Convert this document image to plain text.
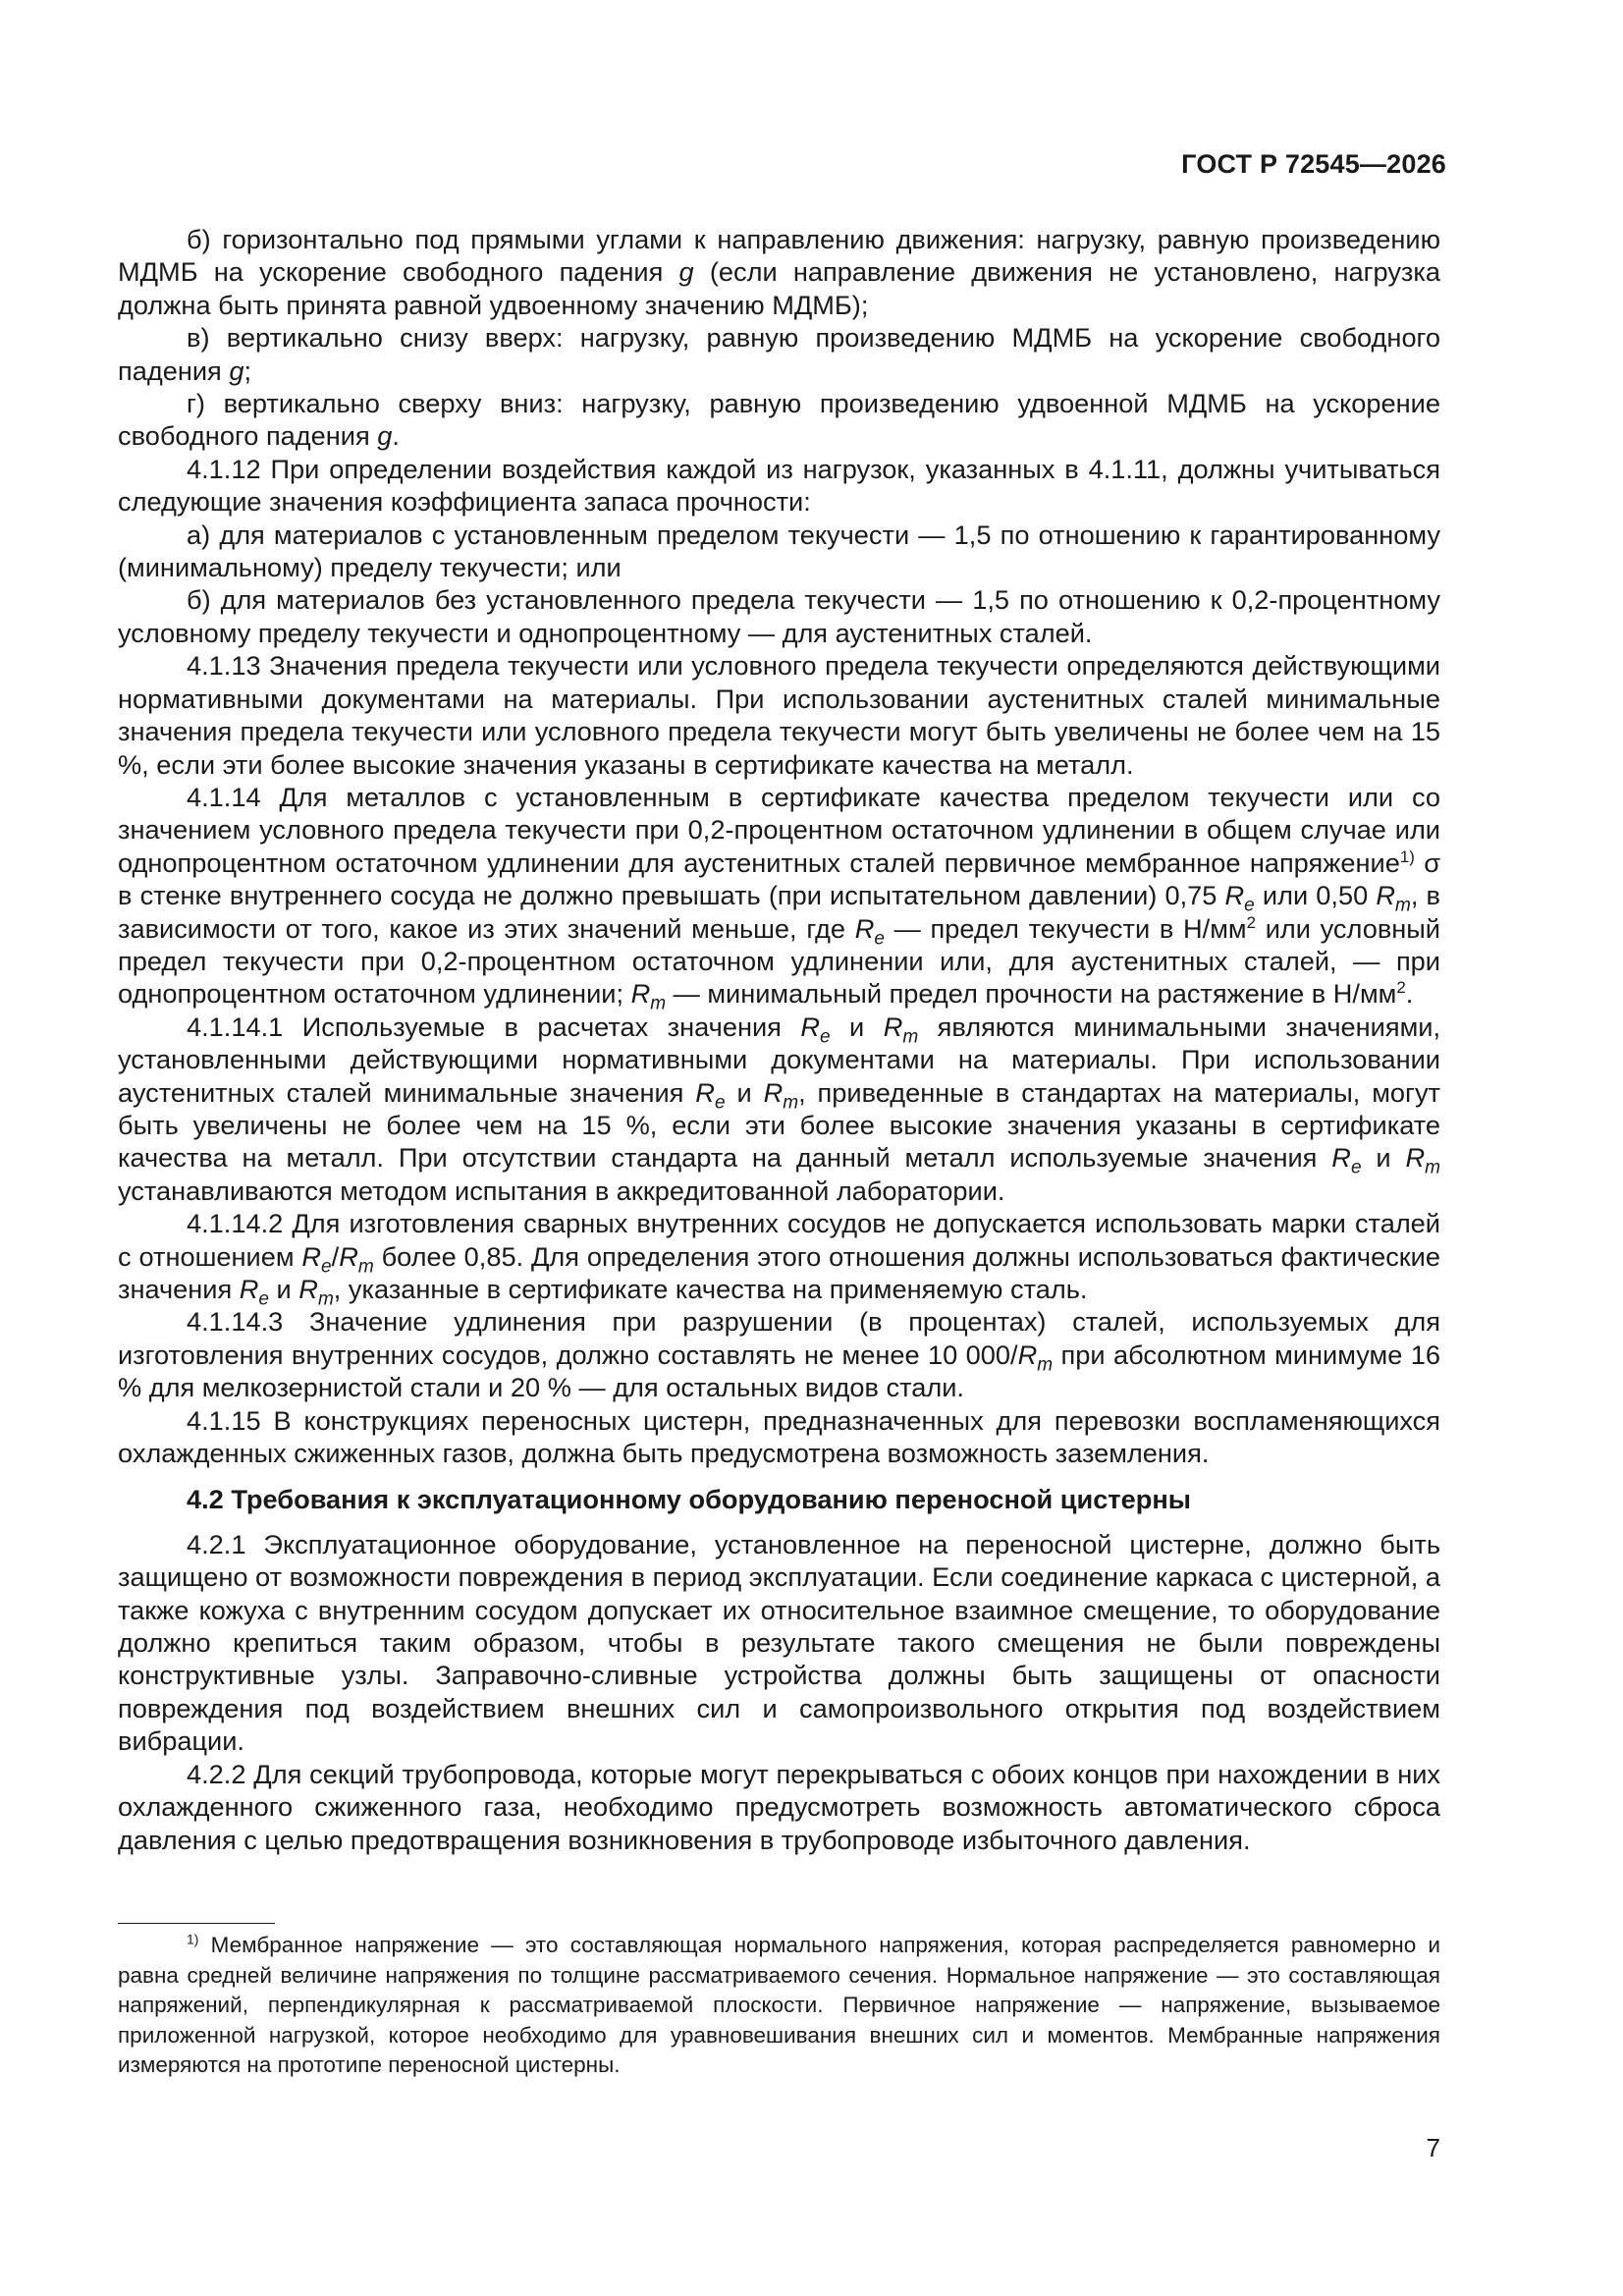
ГОСТ Р 72545—2026

б) горизонтально под прямыми углами к направлению движения: нагрузку, равную произведению МДМБ на ускорение свободного падения g (если направление движения не установлено, нагрузка должна быть принята равной удвоенному значению МДМБ);

в) вертикально снизу вверх: нагрузку, равную произведению МДМБ на ускорение свободного падения g;

г) вертикально сверху вниз: нагрузку, равную произведению удвоенной МДМБ на ускорение свободного падения g.

4.1.12 При определении воздействия каждой из нагрузок, указанных в 4.1.11, должны учитываться следующие значения коэффициента запаса прочности:

а) для материалов с установленным пределом текучести — 1,5 по отношению к гарантированному (минимальному) пределу текучести; или

б) для материалов без установленного предела текучести — 1,5 по отношению к 0,2-процентному условному пределу текучести и однопроцентному — для аустенитных сталей.

4.1.13 Значения предела текучести или условного предела текучести определяются действующими нормативными документами на материалы. При использовании аустенитных сталей минимальные значения предела текучести или условного предела текучести могут быть увеличены не более чем на 15 %, если эти более высокие значения указаны в сертификате качества на металл.

4.1.14 Для металлов с установленным в сертификате качества пределом текучести или со значением условного предела текучести при 0,2-процентном остаточном удлинении в общем случае или однопроцентном остаточном удлинении для аустенитных сталей первичное мембранное напряжение$^{1)}$ σ в стенке внутреннего сосуда не должно превышать (при испытательном давлении) 0,75 $R_e$ или 0,50 $R_m$, в зависимости от того, какое из этих значений меньше, где $R_e$ — предел текучести в $Н/мм^2$ или условный предел текучести при 0,2-процентном остаточном удлинении или, для аустенитных сталей, — при однопроцентном остаточном удлинении; $R_m$ — минимальный предел прочности на растяжение в $Н/мм^2$.

4.1.14.1 Используемые в расчетах значения $R_e$ и $R_m$ являются минимальными значениями, установленными действующими нормативными документами на материалы. При использовании аустенитных сталей минимальные значения $R_e$ и $R_m$, приведенные в стандартах на материалы, могут быть увеличены не более чем на 15 %, если эти более высокие значения указаны в сертификате качества на металл. При отсутствии стандарта на данный металл используемые значения $R_e$ и $R_m$ устанавливаются методом испытания в аккредитованной лаборатории.

4.1.14.2 Для изготовления сварных внутренних сосудов не допускается использовать марки сталей с отношением $R_e/R_m$ более 0,85. Для определения этого отношения должны использоваться фактические значения $R_e$ и $R_m$, указанные в сертификате качества на применяемую сталь.

4.1.14.3 Значение удлинения при разрушении (в процентах) сталей, используемых для изготовления внутренних сосудов, должно составлять не менее 10 $000/R_m$ при абсолютном минимуме 16 % для мелкозернистой стали и 20 % — для остальных видов стали.

4.1.15 В конструкциях переносных цистерн, предназначенных для перевозки воспламеняющихся охлажденных сжиженных газов, должна быть предусмотрена возможность заземления.

4.2 Требования к эксплуатационному оборудованию переносной цистерны

4.2.1 Эксплуатационное оборудование, установленное на переносной цистерне, должно быть защищено от возможности повреждения в период эксплуатации. Если соединение каркаса с цистерной, а также кожуха с внутренним сосудом допускает их относительное взаимное смещение, то оборудование должно крепиться таким образом, чтобы в результате такого смещения не были повреждены конструктивные узлы. Заправочно-сливные устройства должны быть защищены от опасности повреждения под воздействием внешних сил и самопроизвольного открытия под воздействием вибрации.

4.2.2 Для секций трубопровода, которые могут перекрываться с обоих концов при нахождении в них охлажденного сжиженного газа, необходимо предусмотреть возможность автоматического сброса давления с целью предотвращения возникновения в трубопроводе избыточного давления.

$^{1)}$ Мембранное напряжение — это составляющая нормального напряжения, которая распределяется равномерно и равна средней величине напряжения по толщине рассматриваемого сечения. Нормальное напряжение — это составляющая напряжений, перпендикулярная к рассматриваемой плоскости. Первичное напряжение — напряжение, вызываемое приложенной нагрузкой, которое необходимо для уравновешивания внешних сил и моментов. Мембранные напряжения измеряются на прототипе переносной цистерны.

7
